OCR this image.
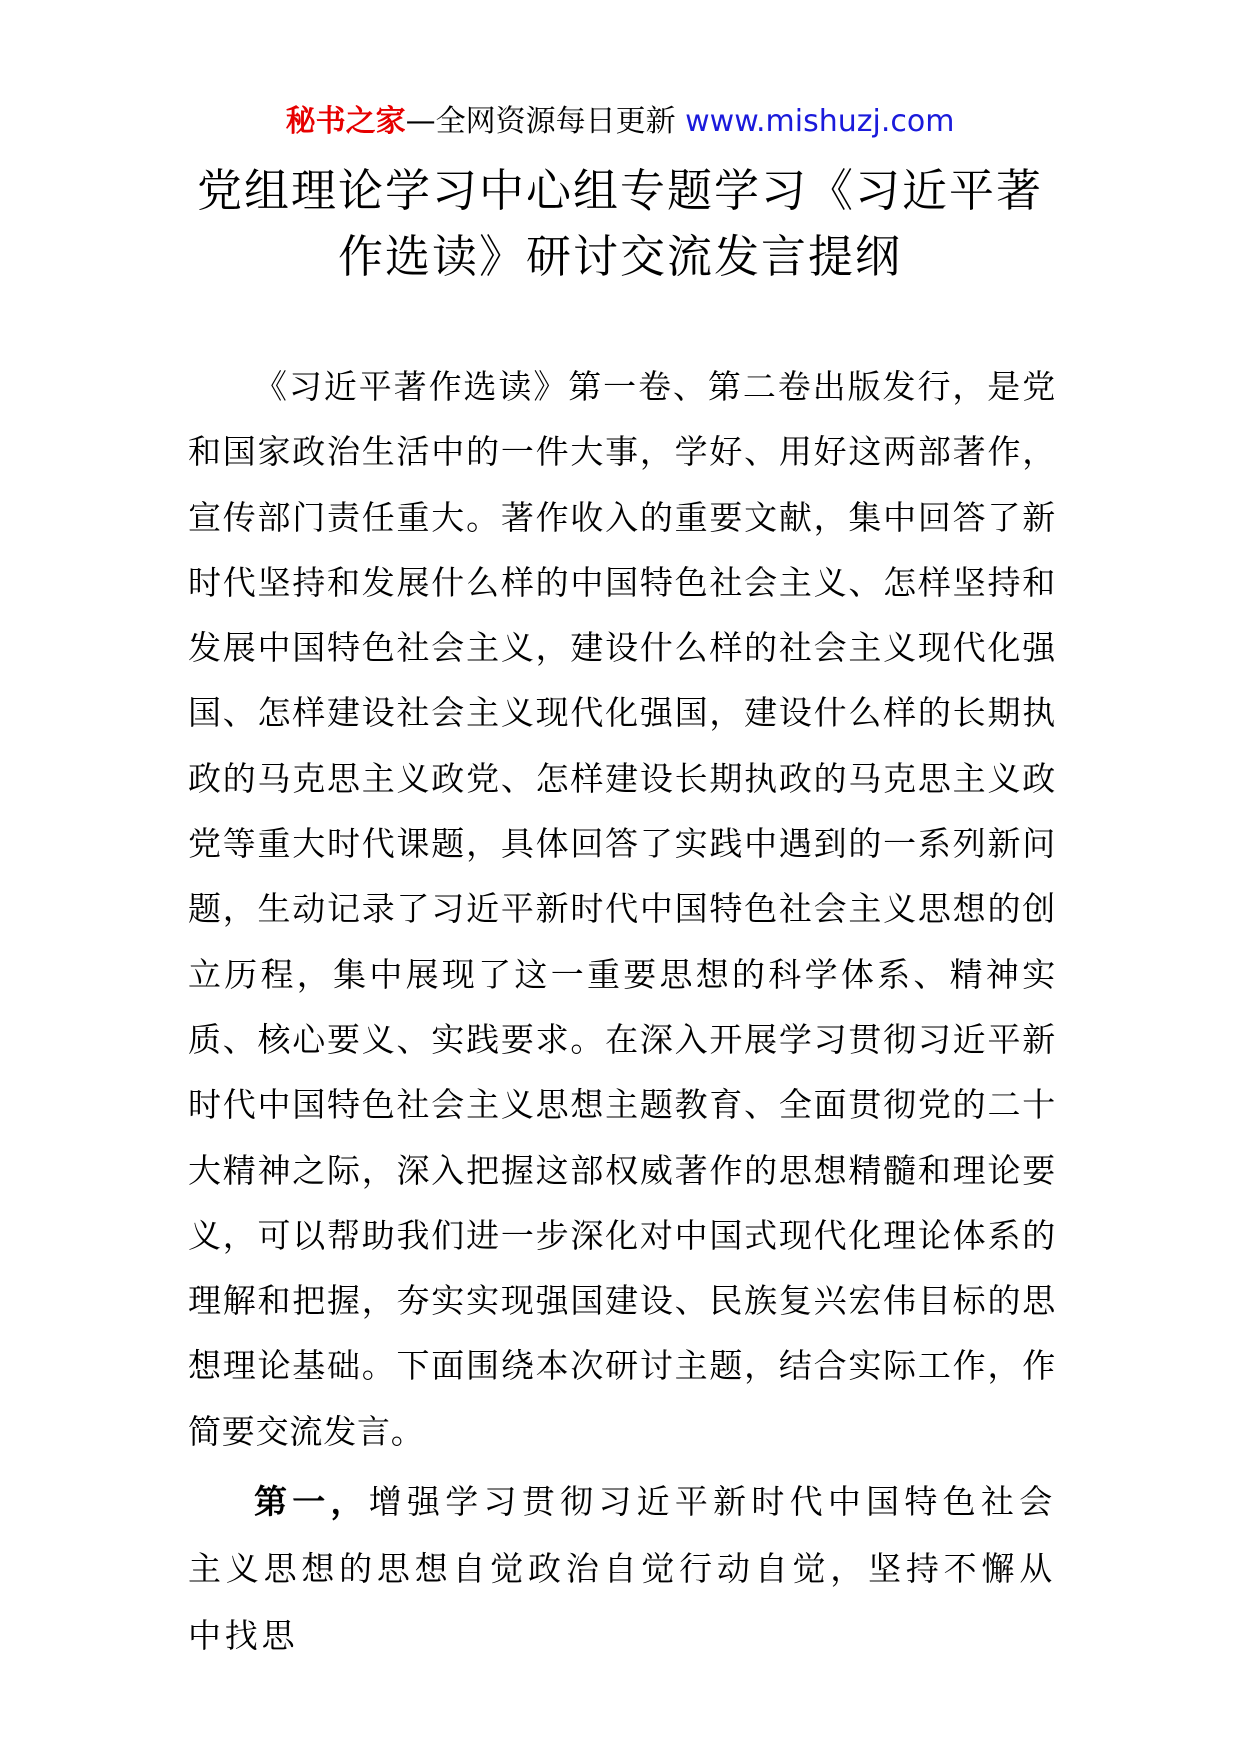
秘书之家—全网资源每日更新 www.mishuzj.com
党组理论学习中心组专题学习《习近平著
作选读》研讨交流发言提纲

《习近平著作选读》第一卷、第二卷出版发行，是党和国家政治生活中的一件大事，学好、用好这两部著作，宣传部门责任重大。著作收入的重要文献，集中回答了新时代坚持和发展什么样的中国特色社会主义、怎样坚持和发展中国特色社会主义，建设什么样的社会主义现代化强国、怎样建设社会主义现代化强国，建设什么样的长期执政的马克思主义政党、怎样建设长期执政的马克思主义政党等重大时代课题，具体回答了实践中遇到的一系列新问题，生动记录了习近平新时代中国特色社会主义思想的创立历程，集中展现了这一重要思想的科学体系、精神实质、核心要义、实践要求。在深入开展学习贯彻习近平新时代中国特色社会主义思想主题教育、全面贯彻党的二十大精神之际，深入把握这部权威著作的思想精髓和理论要义，可以帮助我们进一步深化对中国式现代化理论体系的理解和把握，夯实实现强国建设、民族复兴宏伟目标的思想理论基础。下面围绕本次研讨主题，结合实际工作，作简要交流发言。

第一，增强学习贯彻习近平新时代中国特色社会主义思想的思想自觉政治自觉行动自觉，坚持不懈从中找思
